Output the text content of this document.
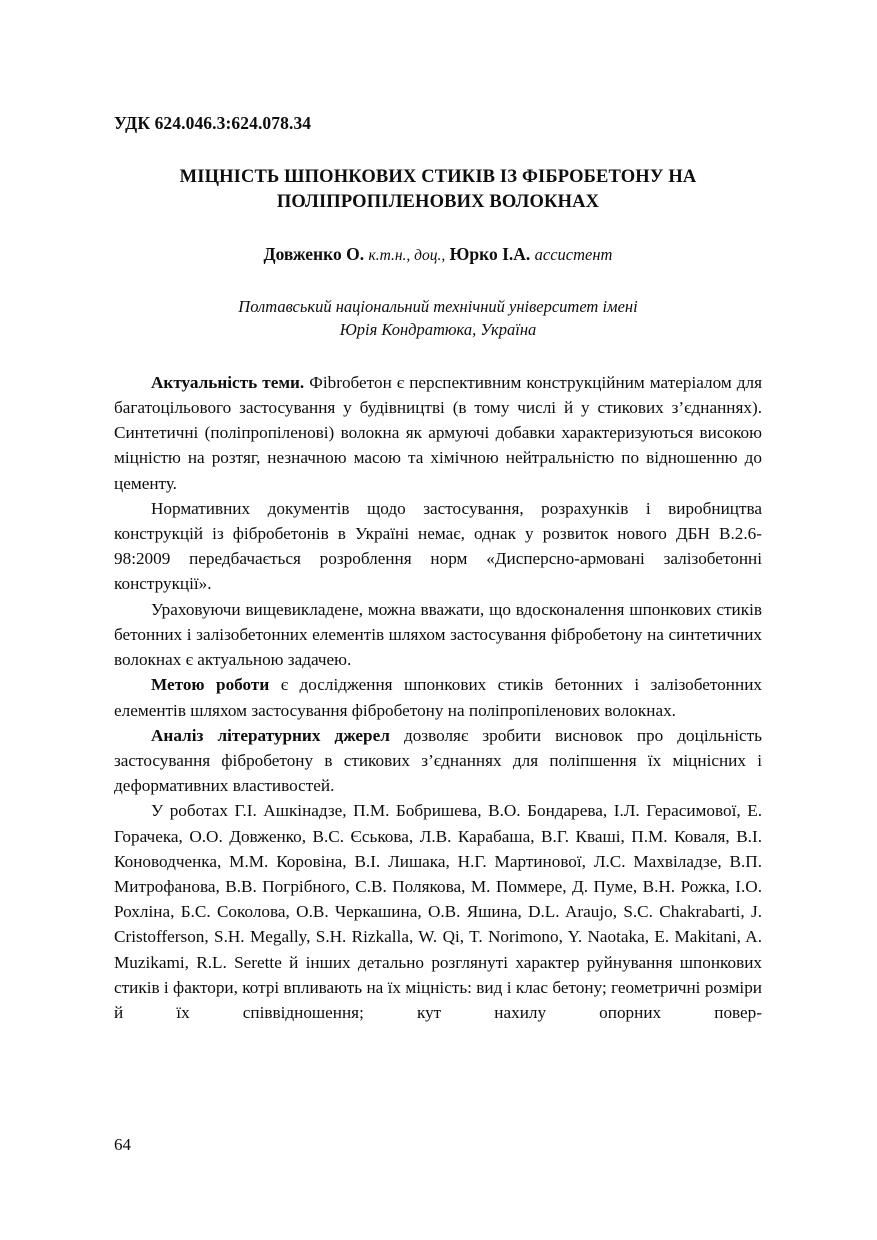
УДК 624.046.3:624.078.34
МІЦНІСТЬ ШПОНКОВИХ СТИКІВ ІЗ ФІБРОБЕТОНУ НА
ПОЛІПРОПІЛЕНОВИХ ВОЛОКНАХ
Довженко О. к.т.н., доц., Юрко І.А. ассистент
Полтавський національний технічний університет імені
Юрія Кондратюка, Україна

Актуальність теми. Фіbroбетон є перспективним конструкційним матеріалом для багатоцільового застосування у будівництві (в тому числі й у стикових з’єднаннях). Синтетичні (поліпропіленові) волокна як армуючі добавки характеризуються високою міцністю на розтяг, незначною масою та хімічною нейтральністю по відношенню до цементу.

Нормативних документів щодо застосування, розрахунків і виробництва конструкцій із фібробетонів в Україні немає, однак у розвиток нового ДБН В.2.6-98:2009 передбачається розроблення норм «Дисперсно-армовані залізобетонні конструкції».

Ураховуючи вищевикладене, можна вважати, що вдосконалення шпонкових стиків бетонних і залізобетонних елементів шляхом застосування фібробетону на синтетичних волокнах є актуальною задачею.

Метою роботи є дослідження шпонкових стиків бетонних і залізобетонних елементів шляхом застосування фібробетону на поліпропіленових волокнах.

Аналіз літературних джерел дозволяє зробити висновок про доцільність застосування фібробетону в стикових з’єднаннях для поліпшення їх міцнісних і деформативних властивостей.

У роботах Г.І. Ашкінадзе, П.М. Бобришева, В.О. Бондарева, І.Л. Герасимової, Е. Горачека, О.О. Довженко, В.С. Єськова, Л.В. Карабаша, В.Г. Кваші, П.М. Коваля, В.І. Коноводченка, М.М. Коровіна, В.І. Лишака, Н.Г. Мартинової, Л.С. Махвіладзе, В.П. Митрофанова, В.В. Погрібного, С.В. Полякова, М. Поммере, Д. Пуме, В.Н. Рожка, І.О. Рохліна, Б.С. Соколова, О.В. Черкашина, О.В. Яшина, D.L. Araujo, S.C. Chakrabarti, J. Cristofferson, S.H. Megally, S.H. Rizkalla, W. Qi, T. Norimono, Y. Naotaka, E. Makitani, A. Muzikami, R.L. Serette й інших детально розглянуті характер руйнування шпонкових стиків і фактори, котрі впливають на їх міцність: вид і клас бетону; геометричні розміри й їх співвідношення; кут нахилу опорних повер-

64
